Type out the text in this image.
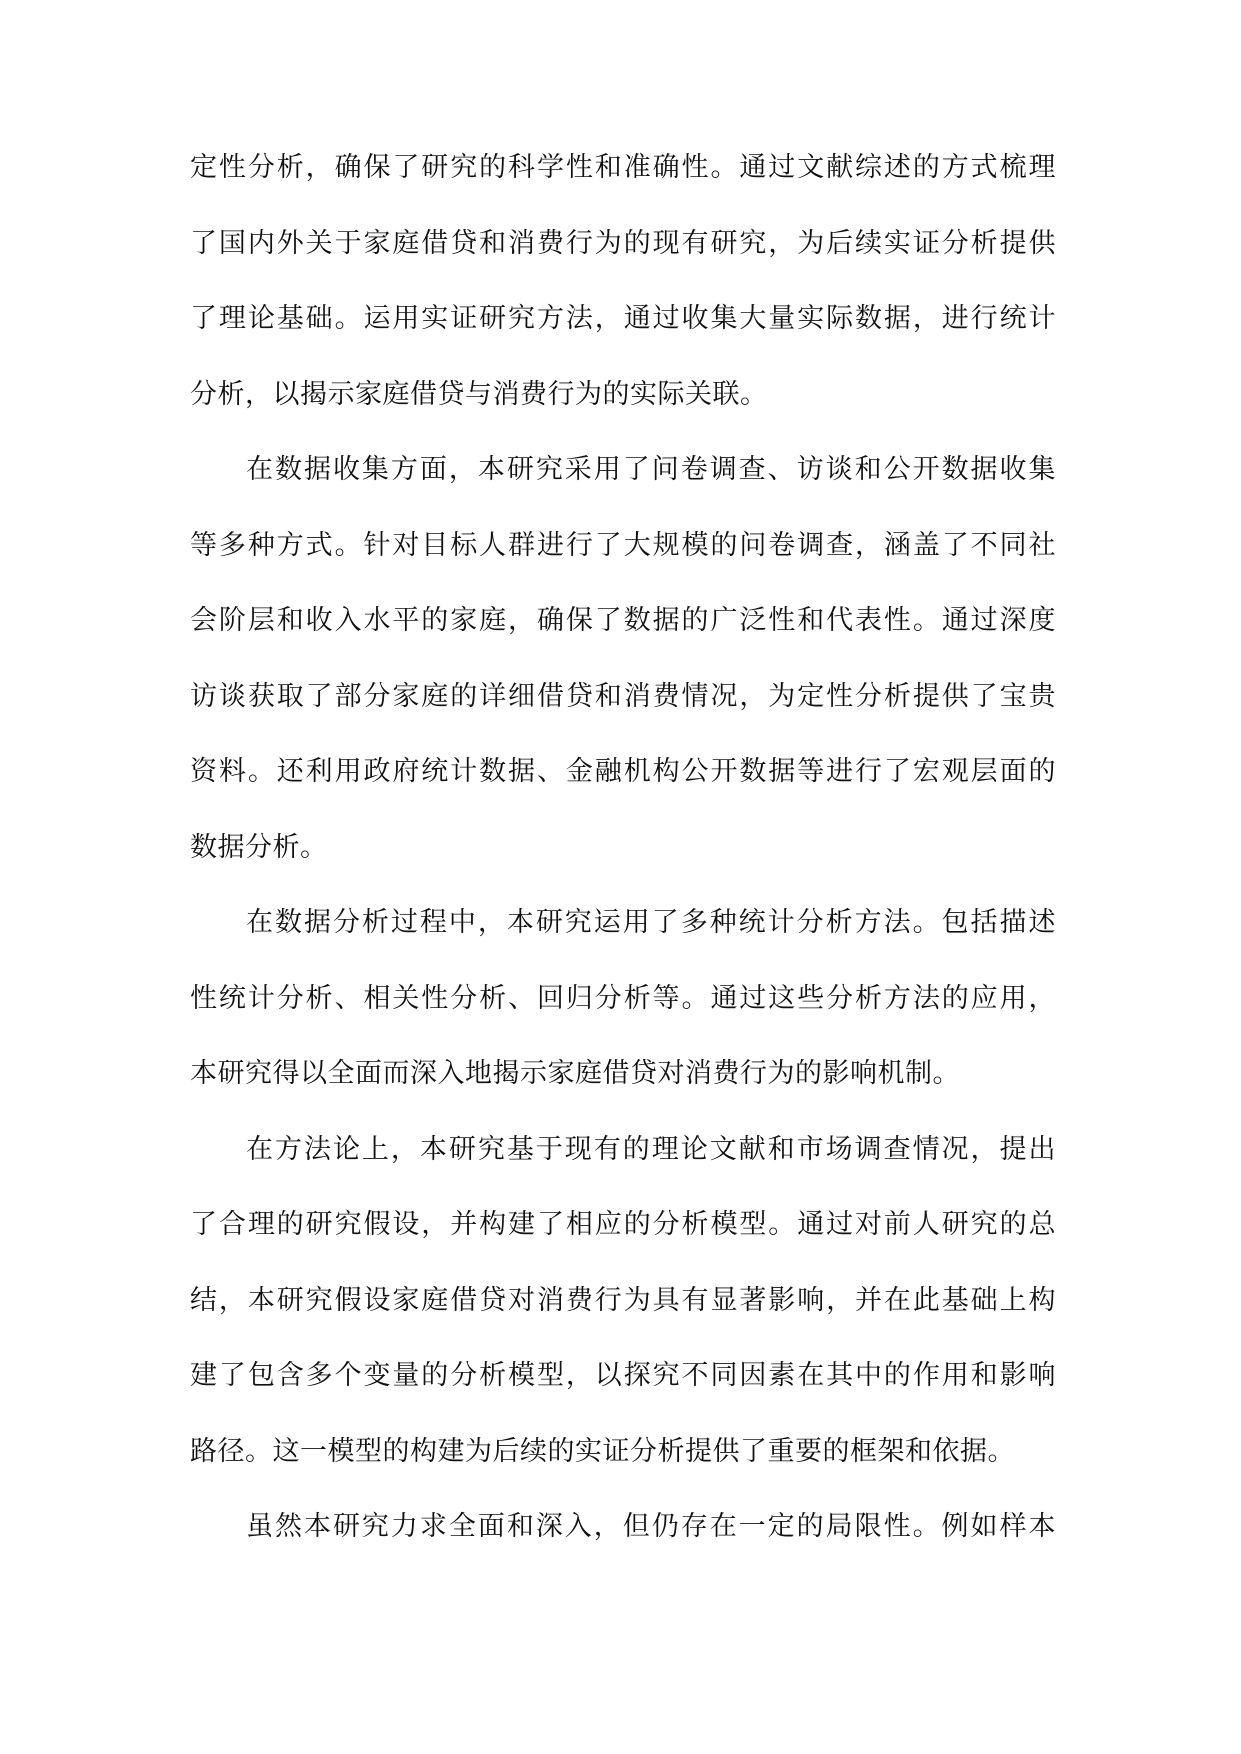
定性分析，确保了研究的科学性和准确性。通过文献综述的方式梳理
了国内外关于家庭借贷和消费行为的现有研究，为后续实证分析提供
了理论基础。运用实证研究方法，通过收集大量实际数据，进行统计
分析，以揭示家庭借贷与消费行为的实际关联。
在数据收集方面，本研究采用了问卷调查、访谈和公开数据收集
等多种方式。针对目标人群进行了大规模的问卷调查，涵盖了不同社
会阶层和收入水平的家庭，确保了数据的广泛性和代表性。通过深度
访谈获取了部分家庭的详细借贷和消费情况，为定性分析提供了宝贵
资料。还利用政府统计数据、金融机构公开数据等进行了宏观层面的
数据分析。
在数据分析过程中，本研究运用了多种统计分析方法。包括描述
性统计分析、相关性分析、回归分析等。通过这些分析方法的应用，
本研究得以全面而深入地揭示家庭借贷对消费行为的影响机制。
在方法论上，本研究基于现有的理论文献和市场调查情况，提出
了合理的研究假设，并构建了相应的分析模型。通过对前人研究的总
结，本研究假设家庭借贷对消费行为具有显著影响，并在此基础上构
建了包含多个变量的分析模型，以探究不同因素在其中的作用和影响
路径。这一模型的构建为后续的实证分析提供了重要的框架和依据。
虽然本研究力求全面和深入，但仍存在一定的局限性。例如样本
